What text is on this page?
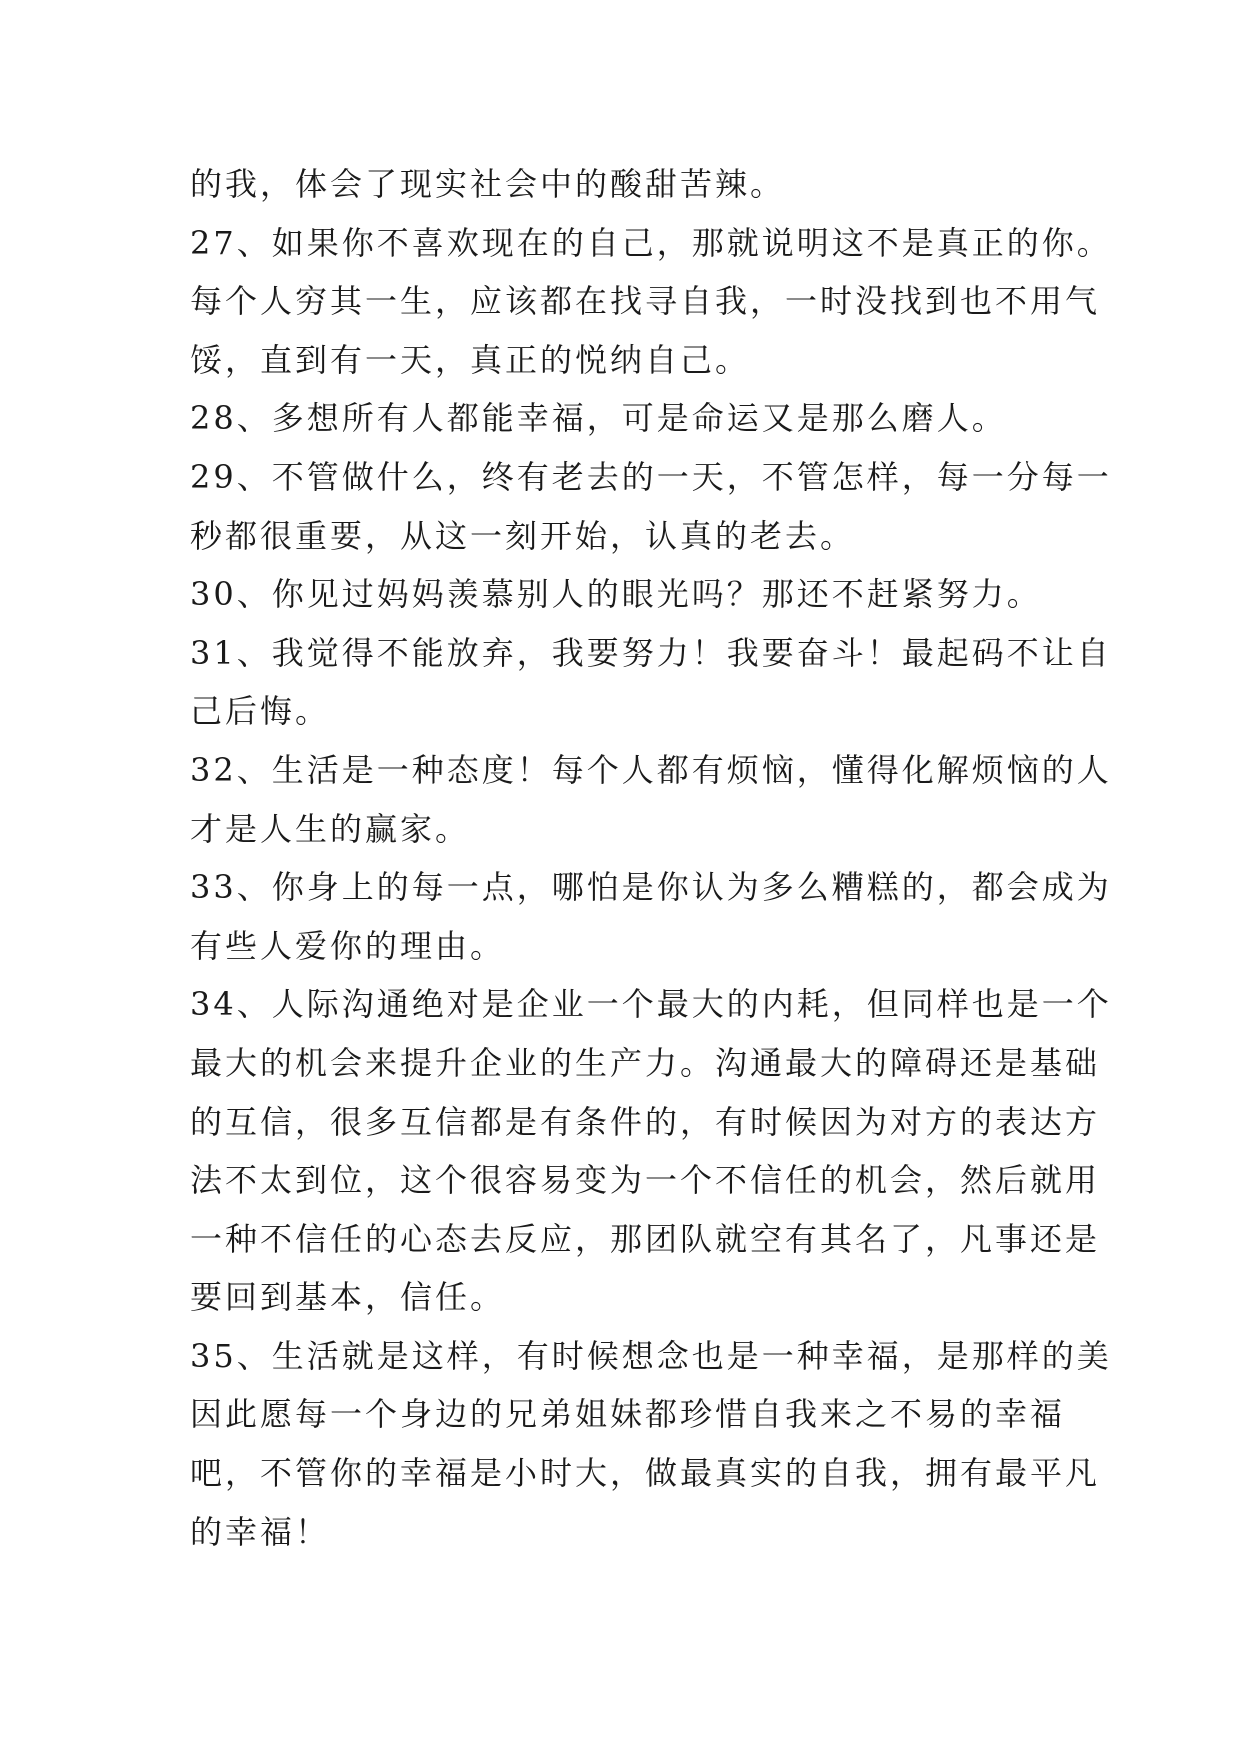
的我，体会了现实社会中的酸甜苦辣。
27、如果你不喜欢现在的自己，那就说明这不是真正的你。
每个人穷其一生，应该都在找寻自我，一时没找到也不用气
馁，直到有一天，真正的悦纳自己。
28、多想所有人都能幸福，可是命运又是那么磨人。
29、不管做什么，终有老去的一天，不管怎样，每一分每一
秒都很重要，从这一刻开始，认真的老去。
30、你见过妈妈羡慕别人的眼光吗？那还不赶紧努力。
31、我觉得不能放弃，我要努力！我要奋斗！最起码不让自
己后悔。
32、生活是一种态度！每个人都有烦恼，懂得化解烦恼的人
才是人生的赢家。
33、你身上的每一点，哪怕是你认为多么糟糕的，都会成为
有些人爱你的理由。
34、人际沟通绝对是企业一个最大的内耗，但同样也是一个
最大的机会来提升企业的生产力。沟通最大的障碍还是基础
的互信，很多互信都是有条件的，有时候因为对方的表达方
法不太到位，这个很容易变为一个不信任的机会，然后就用
一种不信任的心态去反应，那团队就空有其名了，凡事还是
要回到基本，信任。
35、生活就是这样，有时候想念也是一种幸福，是那样的美
因此愿每一个身边的兄弟姐妹都珍惜自我来之不易的幸福
吧，不管你的幸福是小时大，做最真实的自我，拥有最平凡
的幸福！
